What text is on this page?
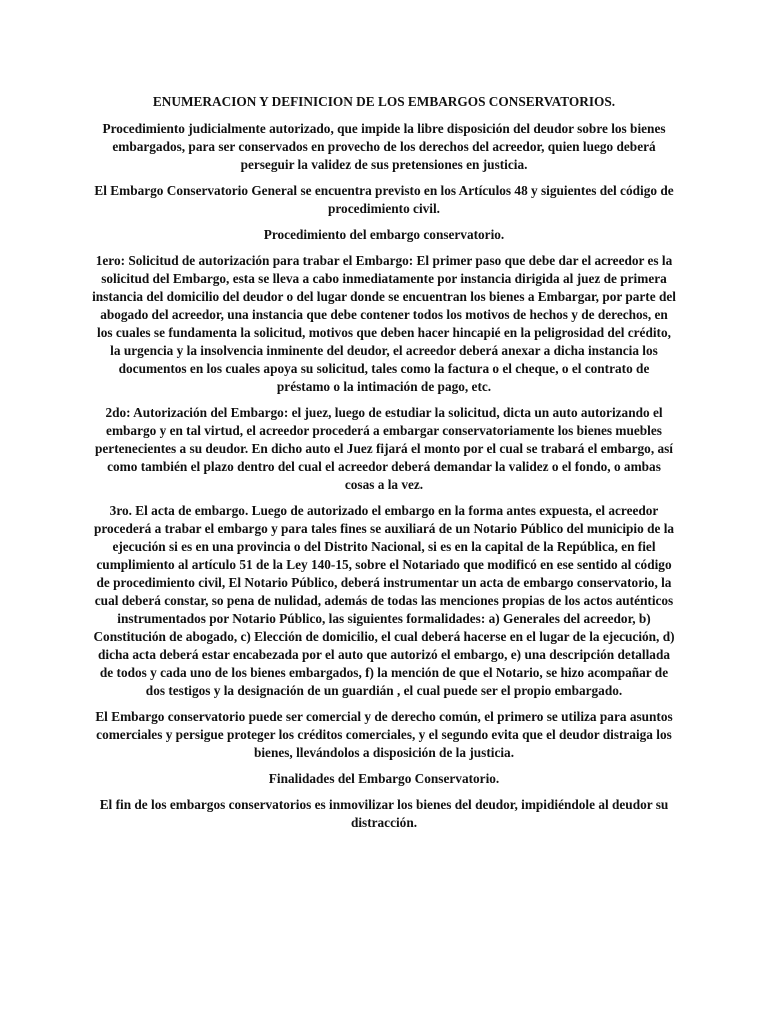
ENUMERACION Y DEFINICION DE LOS EMBARGOS CONSERVATORIOS.

Procedimiento judicialmente autorizado, que impide la libre disposición del deudor sobre los bienes embargados, para ser conservados en provecho de los derechos del acreedor, quien luego deberá perseguir la validez de sus pretensiones en justicia.

El Embargo Conservatorio General se encuentra previsto en los Artículos 48 y siguientes del código de procedimiento civil.

Procedimiento del embargo conservatorio.

1ero: Solicitud de autorización para trabar el Embargo: El primer paso que debe dar el acreedor es la solicitud del Embargo, esta se lleva a cabo inmediatamente por instancia dirigida al juez de primera instancia del domicilio del deudor o del lugar donde se encuentran los bienes a Embargar, por parte del abogado del acreedor, una instancia que debe contener todos los motivos de hechos y de derechos, en los cuales se fundamenta la solicitud, motivos que deben hacer hincapié en la peligrosidad del crédito, la urgencia y la insolvencia inminente del deudor, el acreedor deberá anexar a dicha instancia los documentos en los cuales apoya su solicitud, tales como la factura o el cheque, o el contrato de préstamo o la intimación de pago, etc.

2do: Autorización del Embargo: el juez, luego de estudiar la solicitud, dicta un auto autorizando el embargo y en tal virtud, el acreedor procederá a embargar conservatoriamente los bienes muebles pertenecientes a su deudor. En dicho auto el Juez fijará el monto por el cual se trabará el embargo, así como también el plazo dentro del cual el acreedor deberá demandar la validez o el fondo, o ambas cosas a la vez.

3ro. El acta de embargo. Luego de autorizado el embargo en la forma antes expuesta, el acreedor procederá a trabar el embargo y para tales fines se auxiliará de un Notario Público del municipio de la ejecución si es en una provincia o del Distrito Nacional, si es en la capital de la República, en fiel cumplimiento al artículo 51 de la Ley 140-15, sobre el Notariado que modificó en ese sentido al código de procedimiento civil, El Notario Público, deberá instrumentar un acta de embargo conservatorio, la cual deberá constar, so pena de nulidad, además de todas las menciones propias de los actos auténticos instrumentados por Notario Público, las siguientes formalidades: a) Generales del acreedor, b) Constitución de abogado, c) Elección de domicilio, el cual deberá hacerse en el lugar de la ejecución, d) dicha acta deberá estar encabezada por el auto que autorizó el embargo, e) una descripción detallada de todos y cada uno de los bienes embargados, f) la mención de que el Notario, se hizo acompañar de dos testigos y la designación de un guardián , el cual puede ser el propio embargado.

El Embargo conservatorio puede ser comercial y de derecho común, el primero se utiliza para asuntos comerciales y persigue proteger los créditos comerciales, y el segundo evita que el deudor distraiga los bienes, llevándolos a disposición de la justicia.

Finalidades del Embargo Conservatorio.

El fin de los embargos conservatorios es inmovilizar los bienes del deudor, impidiéndole al deudor su distracción.
